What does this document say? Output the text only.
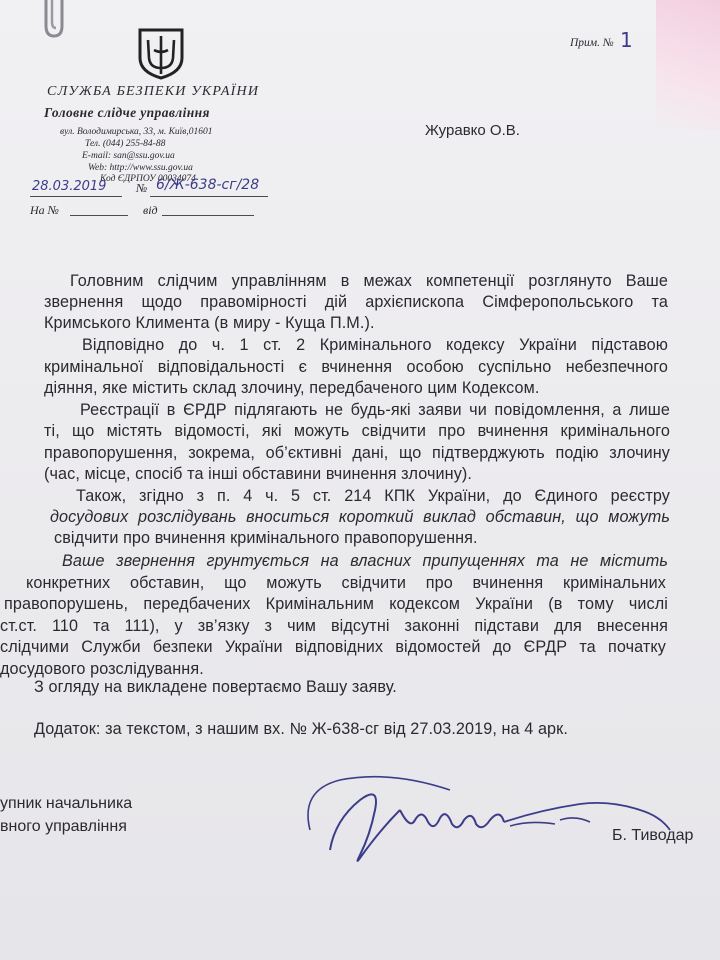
СЛУЖБА БЕЗПЕКИ УКРАЇНИ
Головне слідче управління
вул. Володимирська, 33, м. Київ,01601
Тел. (044) 255-84-88
E-mail: san@ssu.gov.ua
Web: http://www.ssu.gov.ua
Код ЄДРПОУ 00034074
28.03.2019 № 6/Ж-638-сг/28
На №	від
Прим. № 1
Журавко О.В.
Головним слідчим управлінням в межах компетенції розглянуто Ваше
звернення щодо правомірності дій архієпископа Сімферопольського та
Кримського Климента (в миру - Куща П.М.).
Відповідно до ч. 1 ст. 2 Кримінального кодексу України підставою
кримінальної відповідальності є вчинення особою суспільно небезпечного
діяння, яке містить склад злочину, передбаченого цим Кодексом.
Реєстрації в ЄРДР підлягають не будь-які заяви чи повідомлення, а лише
ті, що містять відомості, які можуть свідчити про вчинення кримінального
правопорушення, зокрема, об’єктивні дані, що підтверджують подію злочину
(час, місце, спосіб та інші обставини вчинення злочину).
Також, згідно з п. 4 ч. 5 ст. 214 КПК України, до Єдиного реєстру
досудових розслідувань вноситься короткий виклад обставин, що можуть
свідчити про вчинення кримінального правопорушення.
Ваше звернення грунтується на власних припущеннях та не містить
конкретних обставин, що можуть свідчити про вчинення кримінальних
правопорушень, передбачених Кримінальним кодексом України (в тому числі
ст.ст. 110 та 111), у зв’язку з чим відсутні законні підстави для внесення
слідчими Служби безпеки України відповідних відомостей до ЄРДР та початку
досудового розслідування.
З огляду на викладене повертаємо Вашу заяву.
Додаток: за текстом, з нашим вх. № Ж-638-сг від 27.03.2019, на 4 арк.
упник начальника
вного управління
Б. Тиводар
